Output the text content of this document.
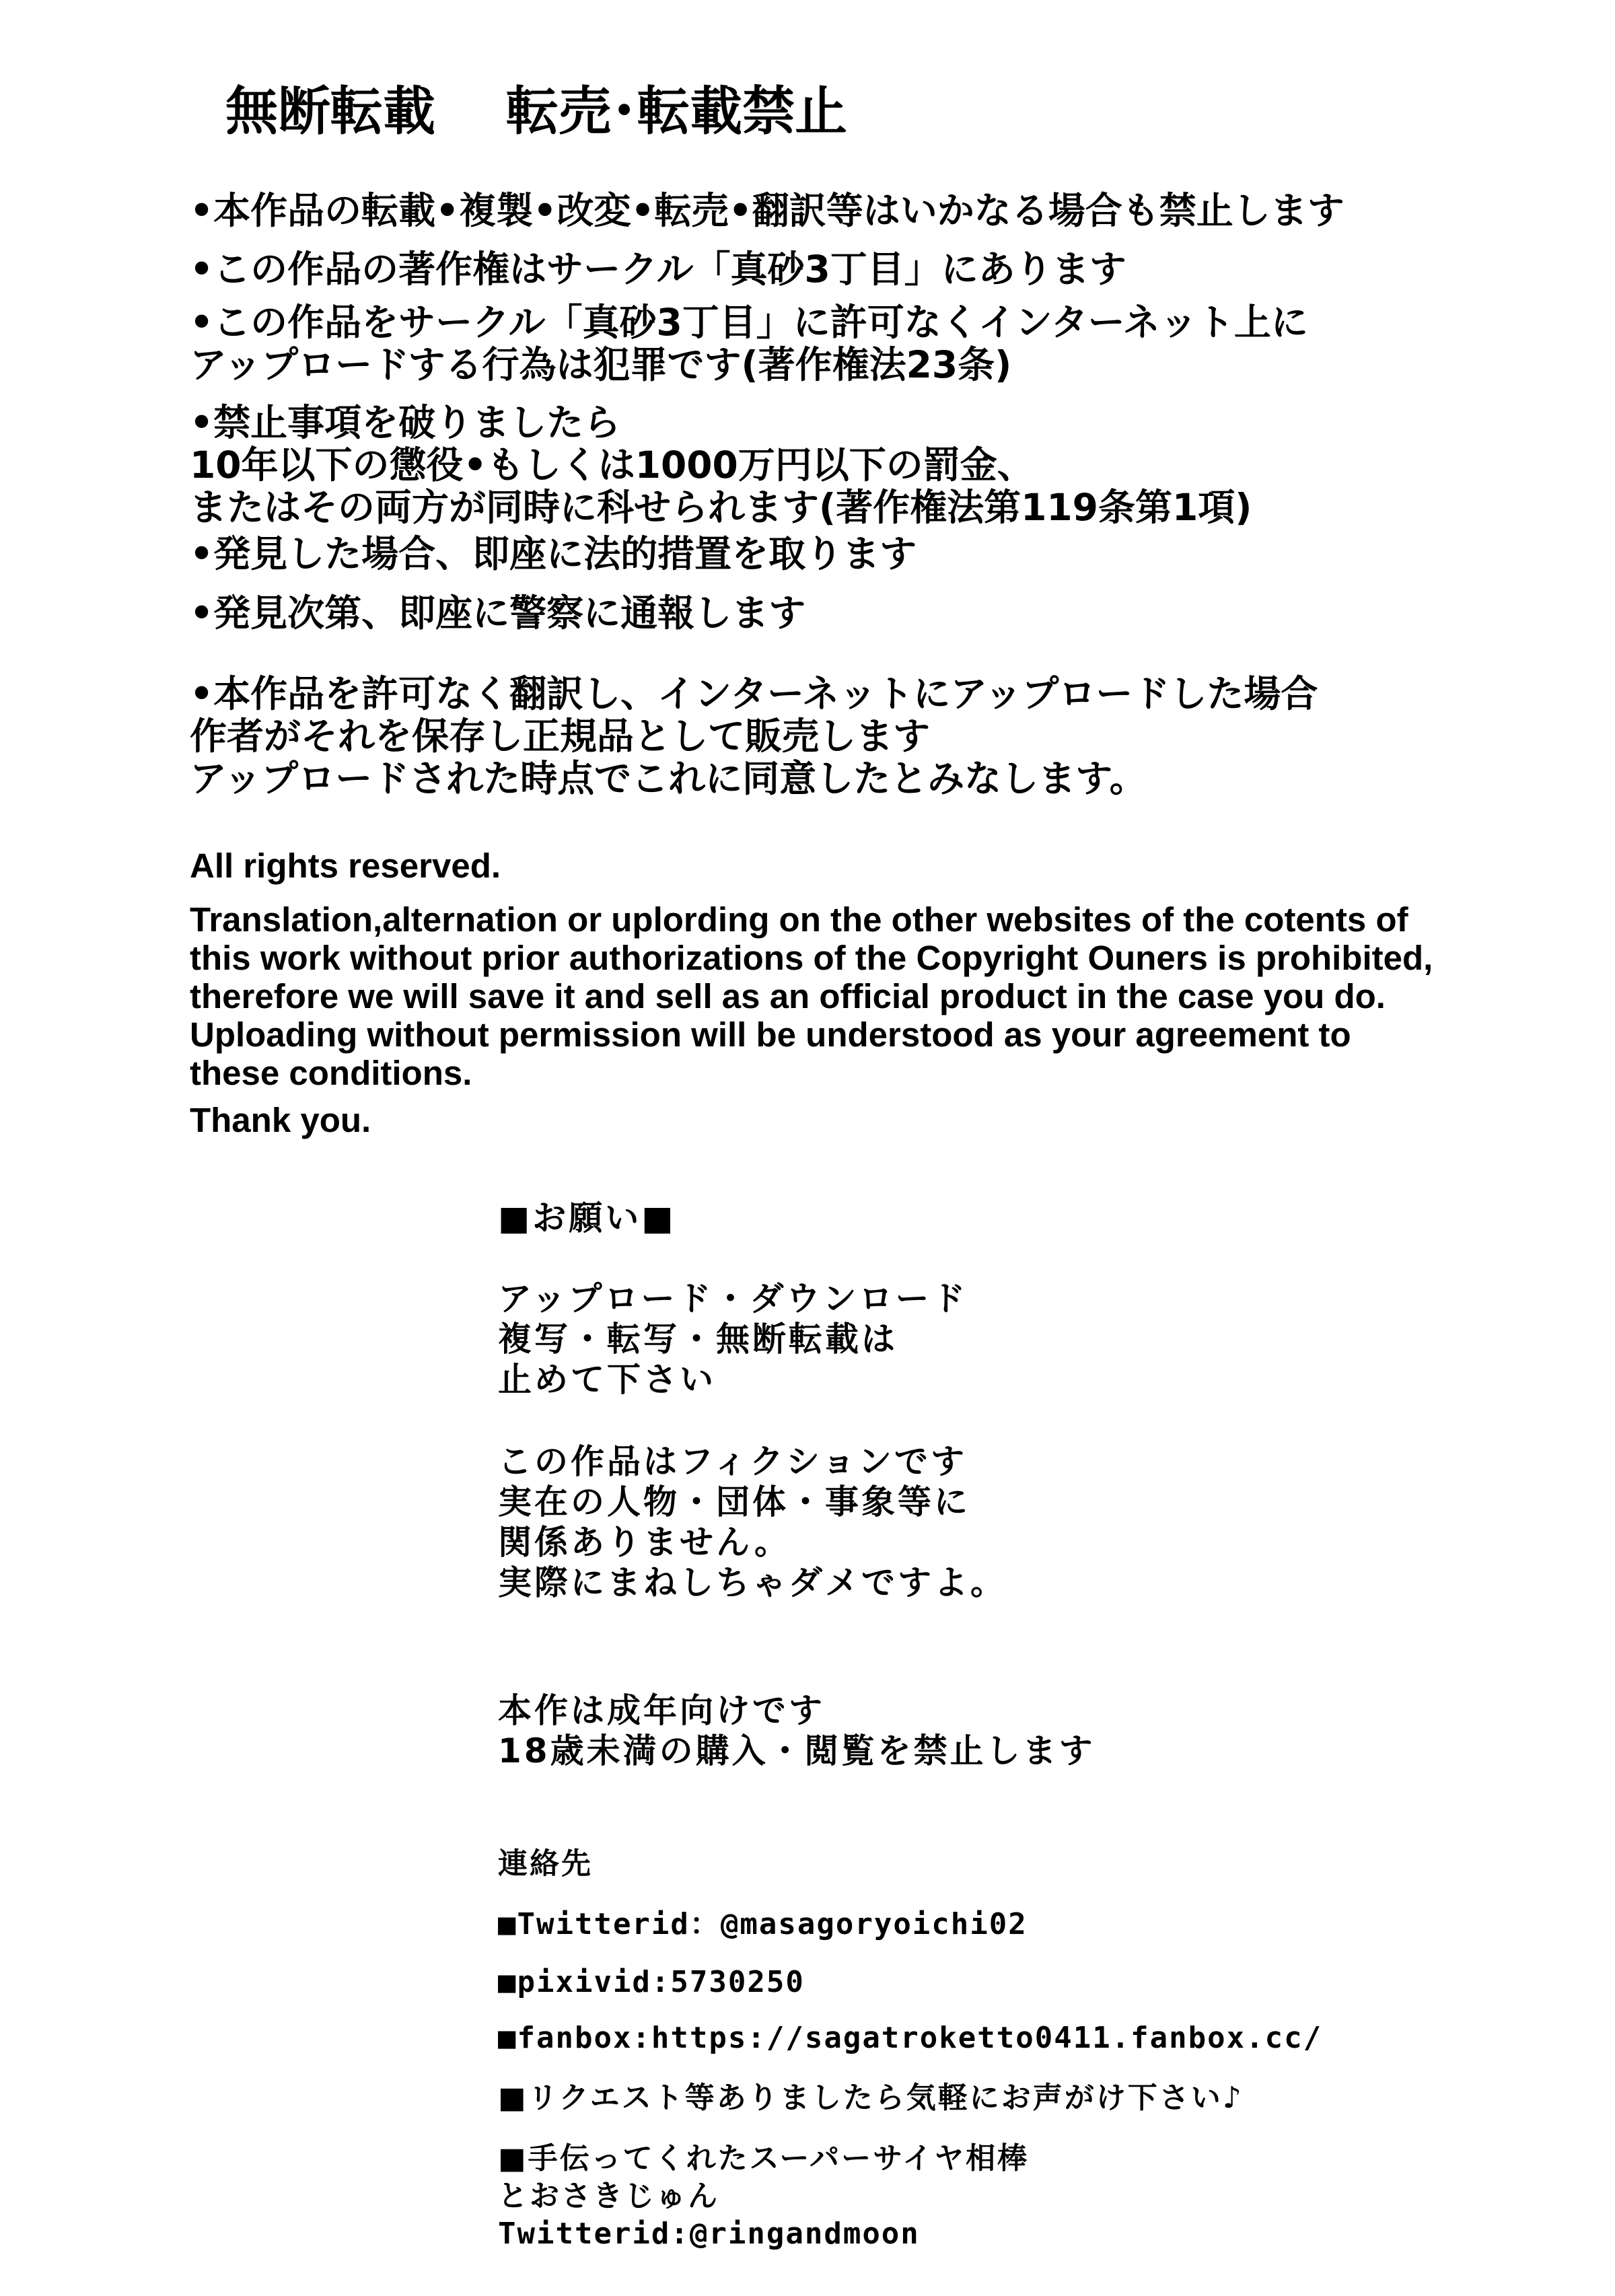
無断転載　 転売･転載禁止
•本作品の転載•複製•改変•転売•翻訳等はいかなる場合も禁止します
•この作品の著作権はサークル「真砂3丁目」にあります
•この作品をサークル「真砂3丁目」に許可なくインターネット上に
アップロードする行為は犯罪です(著作権法23条)
•禁止事項を破りましたら
10年以下の懲役•もしくは1000万円以下の罰金、
またはその両方が同時に科せられます(著作権法第119条第1項)
•発見した場合、即座に法的措置を取ります
•発見次第、即座に警察に通報します
•本作品を許可なく翻訳し、インターネットにアップロードした場合
作者がそれを保存し正規品として販売します
アップロードされた時点でこれに同意したとみなします。
All rights reserved.
Translation,alternation or uplording on the other websites of the cotents of
this work without prior authorizations of the Copyright Ouners is prohibited,
therefore we will save it and sell as an official product in the case you do.
Uploading without permission will be understood as your agreement to
these conditions.
Thank you.
■お願い■
アップロード・ダウンロード
複写・転写・無断転載は
止めて下さい
この作品はフィクションです
実在の人物・団体・事象等に
関係ありません。
実際にまねしちゃダメですよ。
本作は成年向けです
18歳未満の購入・閲覧を禁止します
連絡先
■Twitterid：@masagoryoichi02
■pixivid:5730250
■fanbox:https://sagatroketto0411.fanbox.cc/
■リクエスト等ありましたら気軽にお声がけ下さい♪
■手伝ってくれたスーパーサイヤ相棒
とおさきじゅん
Twitterid:@ringandmoon
